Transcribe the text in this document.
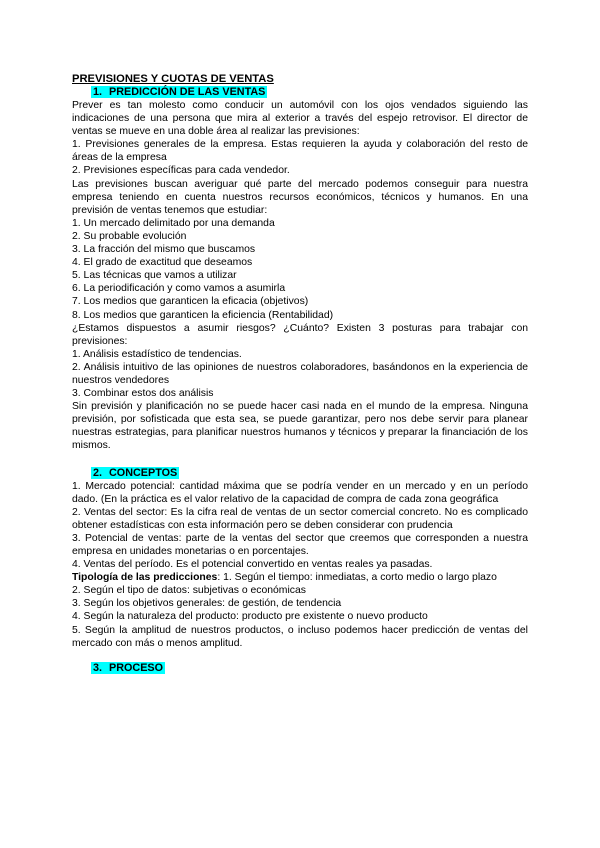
PREVISIONES Y CUOTAS DE VENTAS

1. PREDICCIÓN DE LAS VENTAS

Prever es tan molesto como conducir un automóvil con los ojos vendados siguiendo las indicaciones de una persona que mira al exterior a través del espejo retrovisor. El director de ventas se mueve en una doble área al realizar las previsiones:

1. Previsiones generales de la empresa. Estas requieren la ayuda y colaboración del resto de áreas de la empresa

2. Previsiones específicas para cada vendedor.

Las previsiones buscan averiguar qué parte del mercado podemos conseguir para nuestra empresa teniendo en cuenta nuestros recursos económicos, técnicos y humanos. En una previsión de ventas tenemos que estudiar:

1. Un mercado delimitado por una demanda

2. Su probable evolución

3. La fracción del mismo que buscamos

4. El grado de exactitud que deseamos

5. Las técnicas que vamos a utilizar

6. La periodificación y como vamos a asumirla

7. Los medios que garanticen la eficacia (objetivos)

8. Los medios que garanticen la eficiencia (Rentabilidad)

¿Estamos dispuestos a asumir riesgos? ¿Cuánto? Existen 3 posturas para trabajar con previsiones:

1. Análisis estadístico de tendencias.

2. Análisis intuitivo de las opiniones de nuestros colaboradores, basándonos en la experiencia de nuestros vendedores

3. Combinar estos dos análisis

Sin previsión y planificación no se puede hacer casi nada en el mundo de la empresa. Ninguna previsión, por sofisticada que esta sea, se puede garantizar, pero nos debe servir para planear nuestras estrategias, para planificar nuestros humanos y técnicos y preparar la financiación de los mismos.

2. CONCEPTOS

1. Mercado potencial: cantidad máxima que se podría vender en un mercado y en un período dado. (En la práctica es el valor relativo de la capacidad de compra de cada zona geográfica

2. Ventas del sector: Es la cifra real de ventas de un sector comercial concreto. No es complicado obtener estadísticas con esta información pero se deben considerar con prudencia

3. Potencial de ventas: parte de la ventas del sector que creemos que corresponden a nuestra empresa en unidades monetarias o en porcentajes.

4. Ventas del período. Es el potencial convertido en ventas reales ya pasadas.

Tipología de las predicciones: 1. Según el tiempo: inmediatas, a corto medio o largo plazo

2. Según el tipo de datos: subjetivas o económicas

3. Según los objetivos generales: de gestión, de tendencia

4. Según la naturaleza del producto: producto pre existente o nuevo producto

5. Según la amplitud de nuestros productos, o incluso podemos hacer predicción de ventas del mercado con más o menos amplitud.

3. PROCESO
